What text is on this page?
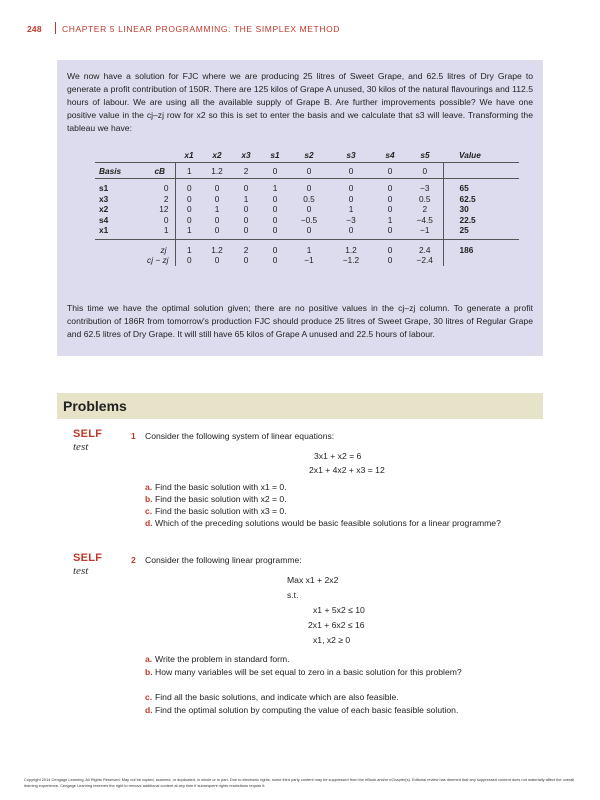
248 CHAPTER 5 LINEAR PROGRAMMING: THE SIMPLEX METHOD

We now have a solution for FJC where we are producing 25 litres of Sweet Grape, and 62.5 litres of Dry Grape to generate a profit contribution of 150R. There are 125 kilos of Grape A unused, 30 kilos of the natural flavourings and 112.5 hours of labour. We are using all the available supply of Grape B. Are further improvements possible? We have one positive value in the cj–zj row for x2 so this is set to enter the basis and we calculate that s3 will leave. Transforming the tableau we have:

		x1	x2	x3	s1	s2	s3	s4	s5	Value
Basis	cB	1	1.2	2	0	0	0	0	0	
s1	0	0	0	0	1	0	0	0	−3	65
x3	2	0	0	1	0	0.5	0	0	0.5	62.5
x2	12	0	1	0	0	0	1	0	2	30
s4	0	0	0	0	0	−0.5	−3	1	−4.5	22.5
x1	1	1	0	0	0	0	0	0	−1	25
	zj	1	1.2	2	0	1	1.2	0	2.4	186
	cj − zj	0	0	0	0	−1	−1.2	0	−2.4	

This time we have the optimal solution given; there are no positive values in the cj–zj column. To generate a profit contribution of 186R from tomorrow's production FJC should produce 25 litres of Sweet Grape, 30 litres of Regular Grape and 62.5 litres of Dry Grape. It will still have 65 kilos of Grape A unused and 22.5 hours of labour.

Problems
SELF
test
1 Consider the following system of linear equations:
3x1 + x2 = 6
2x1 + 4x2 + x3 = 12
a. Find the basic solution with x1 = 0.
b. Find the basic solution with x2 = 0.
c. Find the basic solution with x3 = 0.
d. Which of the preceding solutions would be basic feasible solutions for a linear programme?
SELF
test
2 Consider the following linear programme:
Max x1 + 2x2
s.t.
x1 + 5x2 ≤ 10
2x1 + 6x2 ≤ 16
x1, x2 ≥ 0
a. Write the problem in standard form.
b. How many variables will be set equal to zero in a basic solution for this problem?
c. Find all the basic solutions, and indicate which are also feasible.
d. Find the optimal solution by computing the value of each basic feasible solution.
Copyright 2014 Cengage Learning. All Rights Reserved. May not be copied, scanned, or duplicated, in whole or in part. Due to electronic rights, some third party content may be suppressed from the eBook and/or eChapter(s). Editorial review has deemed that any suppressed content does not materially affect the overall learning experience. Cengage Learning reserves the right to remove additional content at any time if subsequent rights restrictions require it.
